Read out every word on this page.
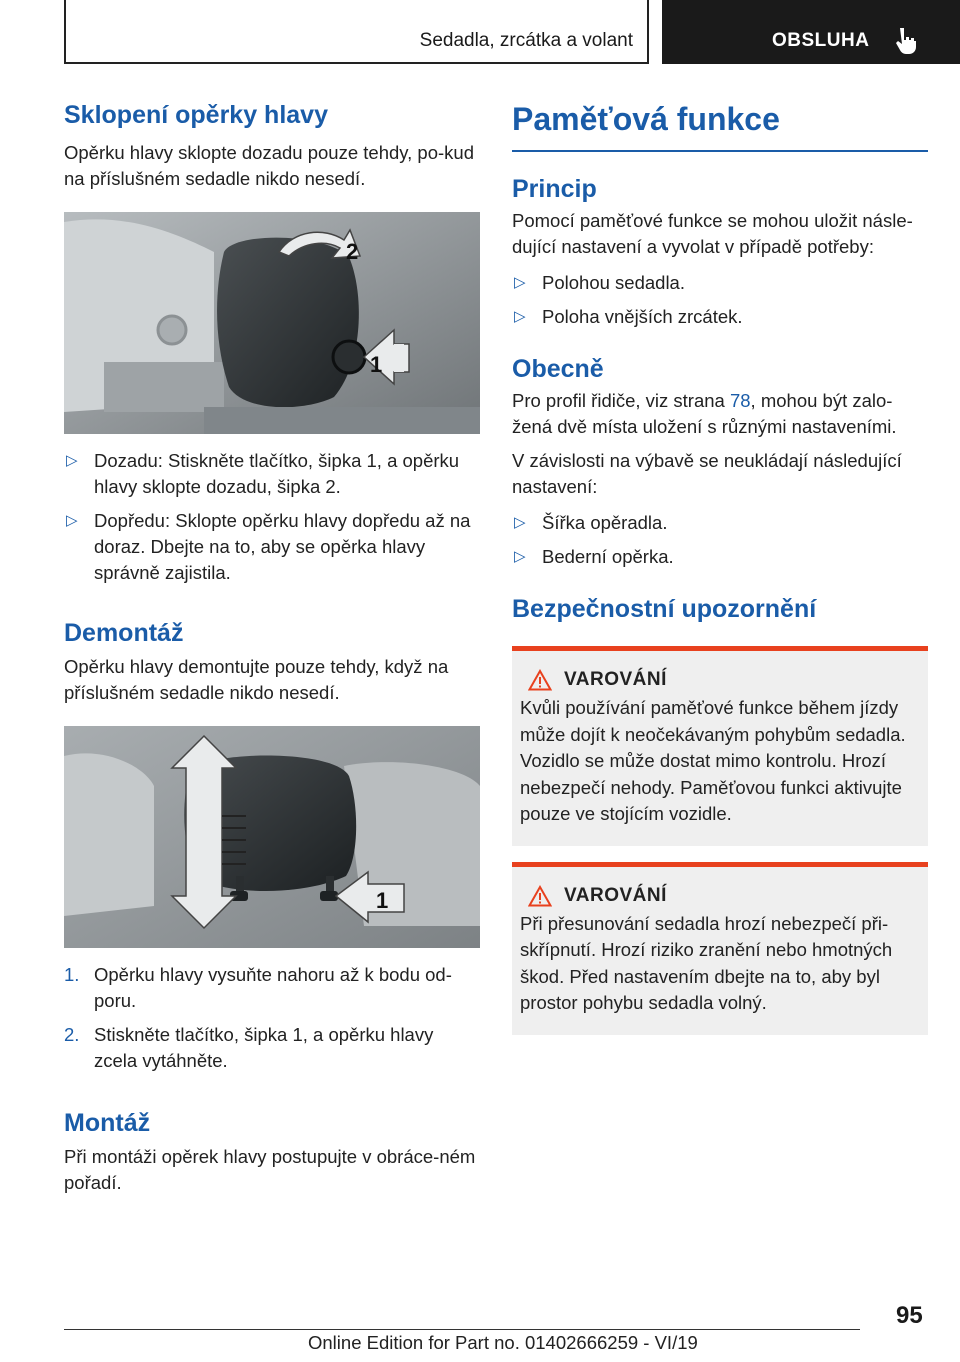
Sedadla, zrcátka a volant	OBSLUHA
Sklopení opěrky hlavy

Opěrku hlavy sklopte dozadu pouze tehdy, po-kud na příslušném sedadle nikdo nesedí.

2
1
▷ Dozadu: Stiskněte tlačítko, šipka 1, a opěrku hlavy sklopte dozadu, šipka 2.
▷ Dopředu: Sklopte opěrku hlavy dopředu až na doraz. Dbejte na to, aby se opěrka hlavy správně zajistila.
Demontáž

Opěrku hlavy demontujte pouze tehdy, když na příslušném sedadle nikdo nesedí.

1
1. Opěrku hlavy vysuňte nahoru až k bodu od-poru.
2. Stiskněte tlačítko, šipka 1, a opěrku hlavy zcela vytáhněte.
Montáž

Při montáži opěrek hlavy postupujte v obráce-ném pořadí.

Paměťová funkce
Princip

Pomocí paměťové funkce se mohou uložit násle-dující nastavení a vyvolat v případě potřeby:

▷ Polohou sedadla.
▷ Poloha vnějších zrcátek.
Obecně

Pro profil řidiče, viz strana 78, mohou být zalo-žená dvě místa uložení s různými nastaveními.

V závislosti na výbavě se neukládají následující nastavení:

▷ Šířka opěradla.
▷ Bederní opěrka.
Bezpečnostní upozornění
VAROVÁNÍ
Kvůli používání paměťové funkce během jízdy může dojít k neočekávaným pohybům sedadla. Vozidlo se může dostat mimo kontrolu. Hrozí nebezpečí nehody. Paměťovou funkci aktivujte pouze ve stojícím vozidle.
VAROVÁNÍ
Při přesunování sedadla hrozí nebezpečí při-skřípnutí. Hrozí riziko zranění nebo hmotných škod. Před nastavením dbejte na to, aby byl prostor pohybu sedadla volný.
95
Online Edition for Part no. 01402666259 - VI/19
